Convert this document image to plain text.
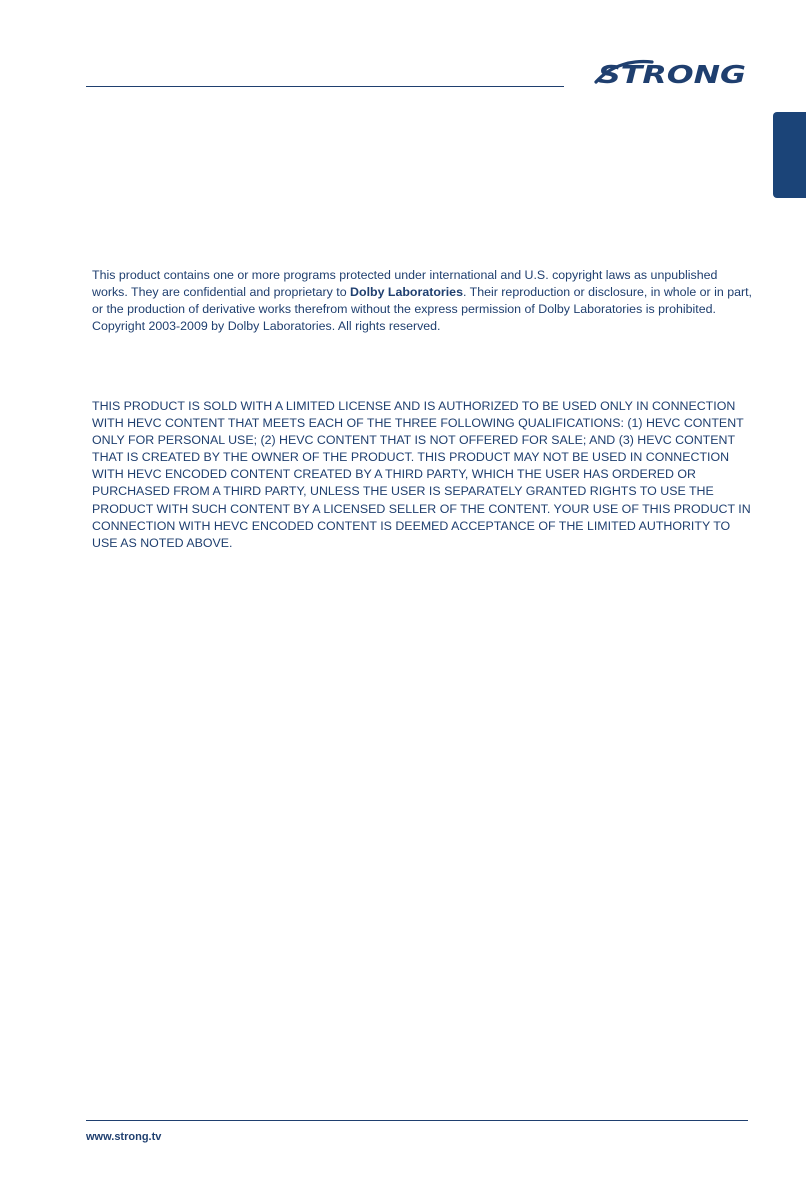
STRONG

This product contains one or more programs protected under international and U.S. copyright laws as unpublished works. They are confidential and proprietary to Dolby Laboratories. Their reproduction or disclosure, in whole or in part, or the production of derivative works therefrom without the express permission of Dolby Laboratories is prohibited. Copyright 2003-2009 by Dolby Laboratories. All rights reserved.

THIS PRODUCT IS SOLD WITH A LIMITED LICENSE AND IS AUTHORIZED TO BE USED ONLY IN CONNECTION WITH HEVC CONTENT THAT MEETS EACH OF THE THREE FOLLOWING QUALIFICATIONS: (1) HEVC CONTENT ONLY FOR PERSONAL USE; (2) HEVC CONTENT THAT IS NOT OFFERED FOR SALE; AND (3) HEVC CONTENT THAT IS CREATED BY THE OWNER OF THE PRODUCT. THIS PRODUCT MAY NOT BE USED IN CONNECTION WITH HEVC ENCODED CONTENT CREATED BY A THIRD PARTY, WHICH THE USER HAS ORDERED OR PURCHASED FROM A THIRD PARTY, UNLESS THE USER IS SEPARATELY GRANTED RIGHTS TO USE THE PRODUCT WITH SUCH CONTENT BY A LICENSED SELLER OF THE CONTENT. YOUR USE OF THIS PRODUCT IN CONNECTION WITH HEVC ENCODED CONTENT IS DEEMED ACCEPTANCE OF THE LIMITED AUTHORITY TO USE AS NOTED ABOVE.

www.strong.tv
